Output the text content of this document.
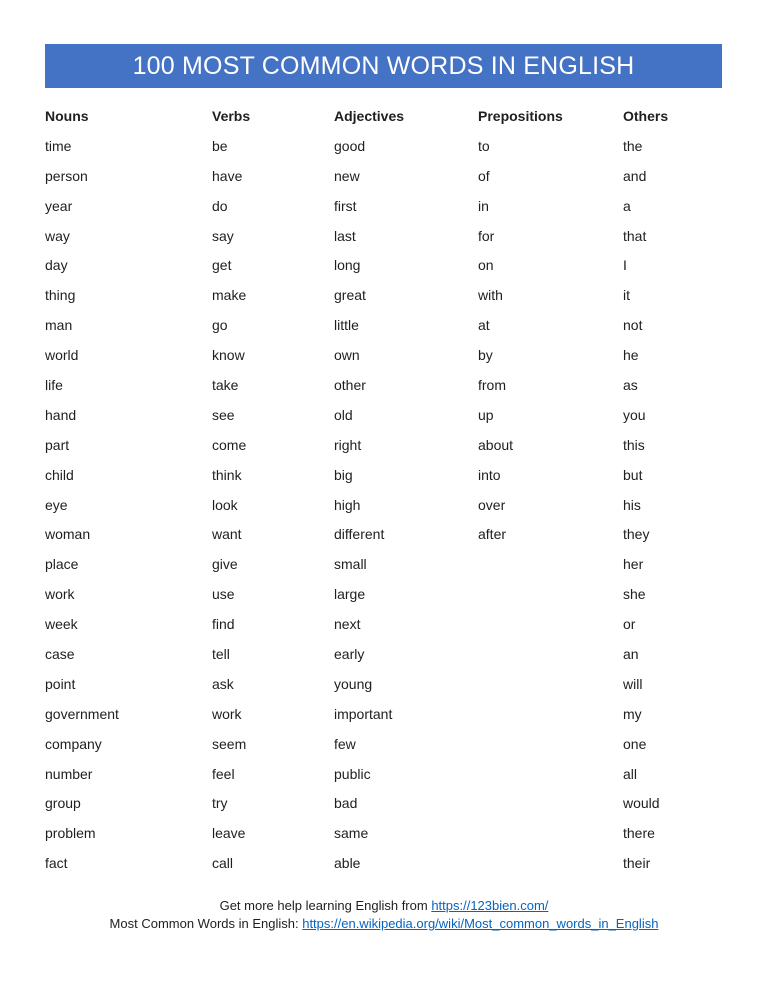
100 MOST COMMON WORDS IN ENGLISH
Nouns	Verbs	Adjectives	Prepositions	Others
time	be	good	to	the
person	have	new	of	and
year	do	first	in	a
way	say	last	for	that
day	get	long	on	I
thing	make	great	with	it
man	go	little	at	not
world	know	own	by	he
life	take	other	from	as
hand	see	old	up	you
part	come	right	about	this
child	think	big	into	but
eye	look	high	over	his
woman	want	different	after	they
place	give	small		her
work	use	large		she
week	find	next		or
case	tell	early		an
point	ask	young		will
government	work	important		my
company	seem	few		one
number	feel	public		all
group	try	bad		would
problem	leave	same		there
fact	call	able		their
Get more help learning English from https://123bien.com/
Most Common Words in English: https://en.wikipedia.org/wiki/Most_common_words_in_English
